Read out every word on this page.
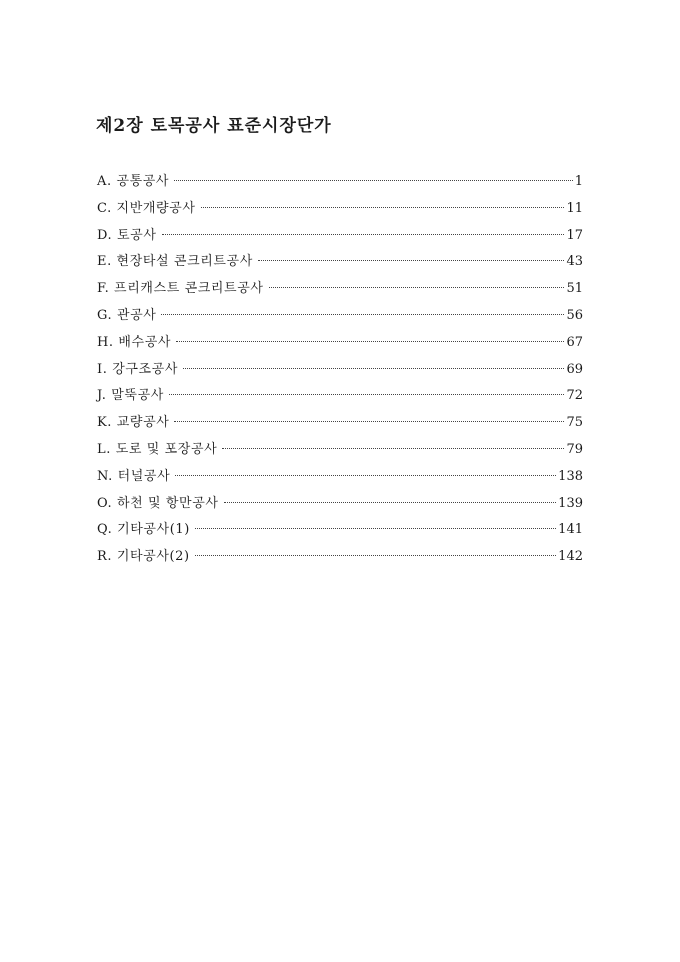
제2장 토목공사 표준시장단가
A. 공통공사	1
C. 지반개량공사	11
D. 토공사	17
E. 현장타설 콘크리트공사	43
F. 프리캐스트 콘크리트공사	51
G. 관공사	56
H. 배수공사	67
I. 강구조공사	69
J. 말뚝공사	72
K. 교량공사	75
L. 도로 및 포장공사	79
N. 터널공사	138
O. 하천 및 항만공사	139
Q. 기타공사(1)	141
R. 기타공사(2)	142
